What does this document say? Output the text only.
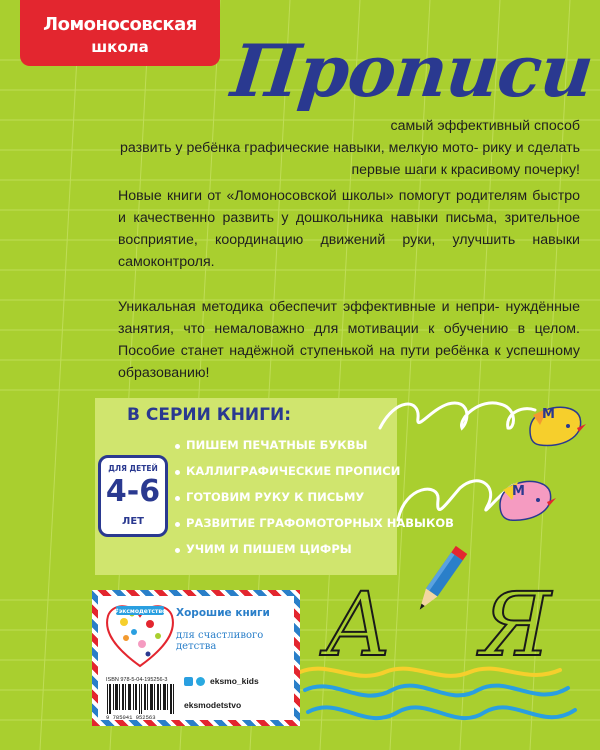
Ломоносовская
школа	Прописи
самый эффективный способ
развить у ребёнка графические навыки, мелкую мото- рику и сделать первые шаги к красивому почерку!
Новые книги от «Ломоносовской школы» помогут родителям быстро и качественно развить у дошкольника навыки письма, зрительное восприятие, координацию движений руки, улучшить навыки самоконтроля.
Уникальная методика обеспечит эффективные и непри- нуждённые занятия, что немаловажно для мотивации к обучению в целом. Пособие станет надёжной ступенькой на пути ребёнка к успешному образованию!
В СЕРИИ КНИГИ:
ПИШЕМ ПЕЧАТНЫЕ БУКВЫ
КАЛЛИГРАФИЧЕСКИЕ ПРОПИСИ
ГОТОВИМ РУКУ К ПИСЬМУ
РАЗВИТИЕ ГРАФОМОТОРНЫХ НАВЫКОВ
УЧИМ И ПИШЕМ ЦИФРЫ
ДЛЯ ДЕТЕЙ
4-6
ЛЕТ
M
M
А Я
#эксмодетство Хорошие книги
для счастливого детства
ISBN 978-5-04-195256-3
9 785041 952563
eksmo_kids
eksmodetstvo
